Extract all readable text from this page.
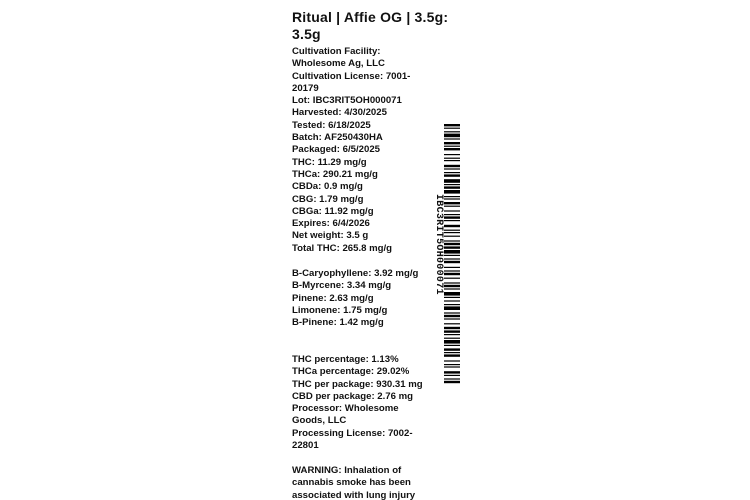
Ritual | Affie OG | 3.5g: 3.5g
Cultivation Facility: Wholesome Ag, LLC
Cultivation License: 7001-20179
Lot: IBC3RIT5OH000071
Harvested: 4/30/2025
Tested: 6/18/2025
Batch: AF250430HA
Packaged: 6/5/2025
THC: 11.29 mg/g
THCa: 290.21 mg/g
CBDa: 0.9 mg/g
CBG: 1.79 mg/g
CBGa: 11.92 mg/g
Expires: 6/4/2026
Net weight: 3.5 g
Total THC: 265.8 mg/g
B-Caryophyllene: 3.92 mg/g
B-Myrcene: 3.34 mg/g
Pinene: 2.63 mg/g
Limonene: 1.75 mg/g
B-Pinene: 1.42 mg/g
THC percentage: 1.13%
THCa percentage: 29.02%
THC per package: 930.31 mg
CBD per package: 2.76 mg
Processor: Wholesome Goods, LLC
Processing License: 7002-22801
WARNING: Inhalation of cannabis smoke has been associated with lung injury
IBC3RIT5OH000071
